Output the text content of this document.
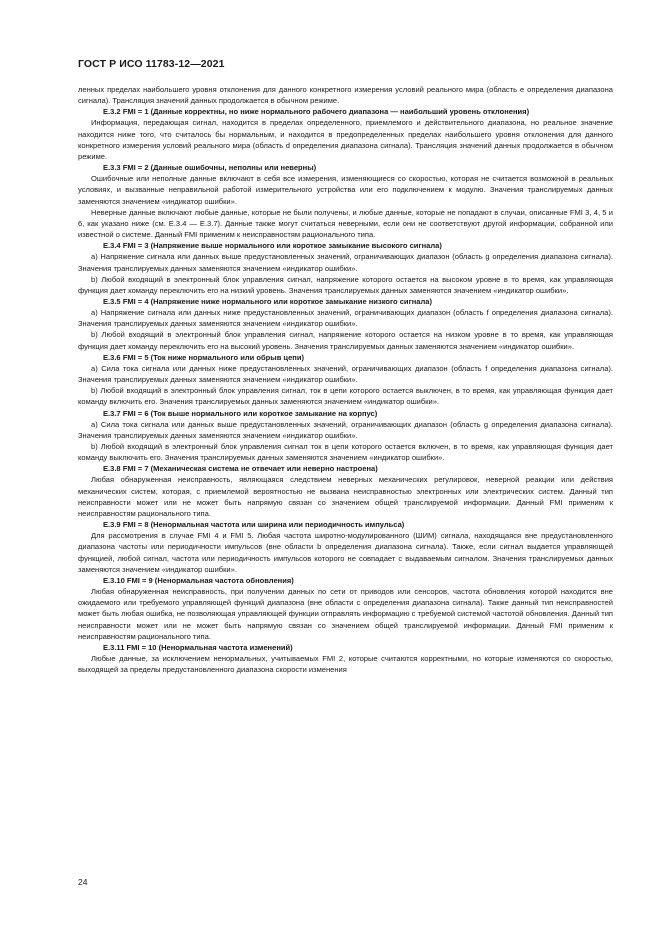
ГОСТ Р ИСО 11783-12—2021

ленных пределах наибольшего уровня отклонения для данного конкретного измерения условий реального мира (область e определения диапазона сигнала). Трансляция значений данных продолжается в обычном режиме.

Е.3.2 FMI = 1 (Данные корректны, но ниже нормального рабочего диапазона — наибольший уровень отклонения)

Информация, передающая сигнал, находится в пределах определенного, приемлемого и действительного диапазона, но реальное значение находится ниже того, что считалось бы нормальным, и находится в предопределенных пределах наибольшего уровня отклонения для данного конкретного измерения условий реального мира (область d определения диапазона сигнала). Трансляция значений данных продолжается в обычном режиме.

Е.3.3 FMI = 2 (Данные ошибочны, неполны или неверны)

Ошибочные или неполные данные включают в себя все измерения, изменяющиеся со скоростью, которая не считается возможной в реальных условиях, и вызванные неправильной работой измерительного устройства или его подключением к модулю. Значения транслируемых данных заменяются значением «индикатор ошибки».

Неверные данные включают любые данные, которые не были получены, и любые данные, которые не попадают в случаи, описанные FMI 3, 4, 5 и 6, как указано ниже (см. Е.3.4 — Е.3.7). Данные также могут считаться неверными, если они не соответствуют другой информации, собранной или известной о системе. Данный FMI применим к неисправностям рационального типа.

Е.3.4 FMI = 3 (Напряжение выше нормального или короткое замыкание высокого сигнала)

а) Напряжение сигнала или данных выше предустановленных значений, ограничивающих диапазон (область g определения диапазона сигнала). Значения транслируемых данных заменяются значением «индикатор ошибки».

b) Любой входящий в электронный блок управления сигнал, напряжение которого остается на высоком уровне в то время, как управляющая функция дает команду переключить его на низкий уровень. Значения транслируемых данных заменяются значением «индикатор ошибки».

Е.3.5 FMI = 4 (Напряжение ниже нормального или короткое замыкание низкого сигнала)

а) Напряжение сигнала или данных ниже предустановленных значений, ограничивающих диапазон (область f определения диапазона сигнала). Значения транслируемых данных заменяются значением «индикатор ошибки».

b) Любой входящий в электронный блок управления сигнал, напряжение которого остается на низком уровне в то время, как управляющая функция дает команду переключить его на высокий уровень. Значения транслируемых данных заменяются значением «индикатор ошибки».

Е.3.6 FMI = 5 (Ток ниже нормального или обрыв цепи)

а) Сила тока сигнала или данных ниже предустановленных значений, ограничивающих диапазон (область f определения диапазона сигнала). Значения транслируемых данных заменяются значением «индикатор ошибки».

b) Любой входящий в электронный блок управления сигнал, ток в цепи которого остается выключен, в то время, как управляющая функция дает команду включить его. Значения транслируемых данных заменяются значением «индикатор ошибки».

Е.3.7 FMI = 6 (Ток выше нормального или короткое замыкание на корпус)

а) Сила тока сигнала или данных выше предустановленных значений, ограничивающих диапазон (область g определения диапазона сигнала). Значения транслируемых данных заменяются значением «индикатор ошибки».

b) Любой входящий в электронный блок управления сигнал ток в цепи которого остается включен, в то время, как управляющая функция дает команду выключить его. Значения транслируемых данных заменяются значением «индикатор ошибки».

Е.3.8 FMI = 7 (Механическая система не отвечает или неверно настроена)

Любая обнаруженная неисправность, являющаяся следствием неверных механических регулировок, неверной реакции или действия механических систем, которая, с приемлемой вероятностью не вызвана неисправностью электронных или электрических систем. Данный тип неисправности может или не может быть напрямую связан со значением общей транслируемой информации. Данный FMI применим к неисправностям рационального типа.

Е.3.9 FMI = 8 (Ненормальная частота или ширина или периодичность импульса)

Для рассмотрения в случае FMI 4 и FMI 5. Любая частота широтно-модулированного (ШИМ) сигнала, находящаяся вне предустановленного диапазона частоты или периодичности импульсов (вне области b определения диапазона сигнала). Также, если сигнал выдается управляющей функцией, любой сигнал, частота или периодичность импульсов которого не совпадает с выдаваемым сигналом. Значения транслируемых данных заменяются значением «индикатор ошибки».

Е.3.10 FMI = 9 (Ненормальная частота обновления)

Любая обнаруженная неисправность, при получении данных по сети от приводов или сенсоров, частота обновления которой находится вне ожидаемого или требуемого управляющей функций диапазона (вне области с определения диапазона сигнала). Также данный тип неисправностей может быть любая ошибка, не позволяющая управляющей функции отправлять информацию с требуемой системой частотой обновления. Данный тип неисправности может или не может быть напрямую связан со значением общей транслируемой информации. Данный FMI применим к неисправностям рационального типа.

Е.3.11 FMI = 10 (Ненормальная частота изменений)

Любые данные, за исключением ненормальных, учитываемых FMI 2, которые считаются корректными, но которые изменяются со скоростью, выходящей за пределы предустановленного диапазона скорости изменения

24
